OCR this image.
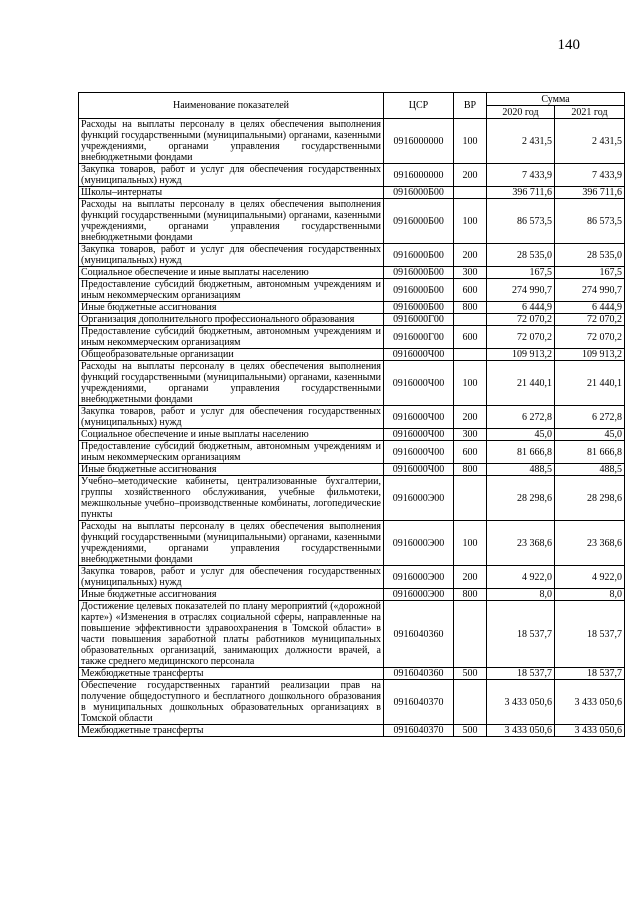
140
Наименование показателей	ЦСР	ВР	Сумма	
			2020 год	2021 год
Расходы на выплаты персоналу в целях обеспечения выполнения функций государственными (муниципальными) органами, казенными учреждениями, органами управления государственными внебюджетными фондами	0916000000	100	2 431,5	2 431,5
Закупка товаров, работ и услуг для обеспечения государственных (муниципальных) нужд	0916000000	200	7 433,9	7 433,9
Школы–интернаты	0916000Б00		396 711,6	396 711,6
Расходы на выплаты персоналу в целях обеспечения выполнения функций государственными (муниципальными) органами, казенными учреждениями, органами управления государственными внебюджетными фондами	0916000Б00	100	86 573,5	86 573,5
Закупка товаров, работ и услуг для обеспечения государственных (муниципальных) нужд	0916000Б00	200	28 535,0	28 535,0
Социальное обеспечение и иные выплаты населению	0916000Б00	300	167,5	167,5
Предоставление субсидий бюджетным, автономным учреждениям и иным некоммерческим организациям	0916000Б00	600	274 990,7	274 990,7
Иные бюджетные ассигнования	0916000Б00	800	6 444,9	6 444,9
Организация дополнительного профессионального образования	0916000Г00		72 070,2	72 070,2
Предоставление субсидий бюджетным, автономным учреждениям и иным некоммерческим организациям	0916000Г00	600	72 070,2	72 070,2
Общеобразовательные организации	0916000Ч00		109 913,2	109 913,2
Расходы на выплаты персоналу в целях обеспечения выполнения функций государственными (муниципальными) органами, казенными учреждениями, органами управления государственными внебюджетными фондами	0916000Ч00	100	21 440,1	21 440,1
Закупка товаров, работ и услуг для обеспечения государственных (муниципальных) нужд	0916000Ч00	200	6 272,8	6 272,8
Социальное обеспечение и иные выплаты населению	0916000Ч00	300	45,0	45,0
Предоставление субсидий бюджетным, автономным учреждениям и иным некоммерческим организациям	0916000Ч00	600	81 666,8	81 666,8
Иные бюджетные ассигнования	0916000Ч00	800	488,5	488,5
Учебно–методические кабинеты, централизованные бухгалтерии, группы хозяйственного обслуживания, учебные фильмотеки, межшкольные учебно–производственные комбинаты, логопедические пункты	0916000Э00		28 298,6	28 298,6
Расходы на выплаты персоналу в целях обеспечения выполнения функций государственными (муниципальными) органами, казенными учреждениями, органами управления государственными внебюджетными фондами	0916000Э00	100	23 368,6	23 368,6
Закупка товаров, работ и услуг для обеспечения государственных (муниципальных) нужд	0916000Э00	200	4 922,0	4 922,0
Иные бюджетные ассигнования	0916000Э00	800	8,0	8,0
Достижение целевых показателей по плану мероприятий («дорожной карте») «Изменения в отраслях социальной сферы, направленные на повышение эффективности здравоохранения в Томской области» в части повышения заработной платы работников муниципальных образовательных организаций, занимающих должности врачей, а также среднего медицинского персонала	0916040360		18 537,7	18 537,7
Межбюджетные трансферты	0916040360	500	18 537,7	18 537,7
Обеспечение государственных гарантий реализации прав на получение общедоступного и бесплатного дошкольного образования в муниципальных дошкольных образовательных организациях в Томской области	0916040370		3 433 050,6	3 433 050,6
Межбюджетные трансферты	0916040370	500	3 433 050,6	3 433 050,6
